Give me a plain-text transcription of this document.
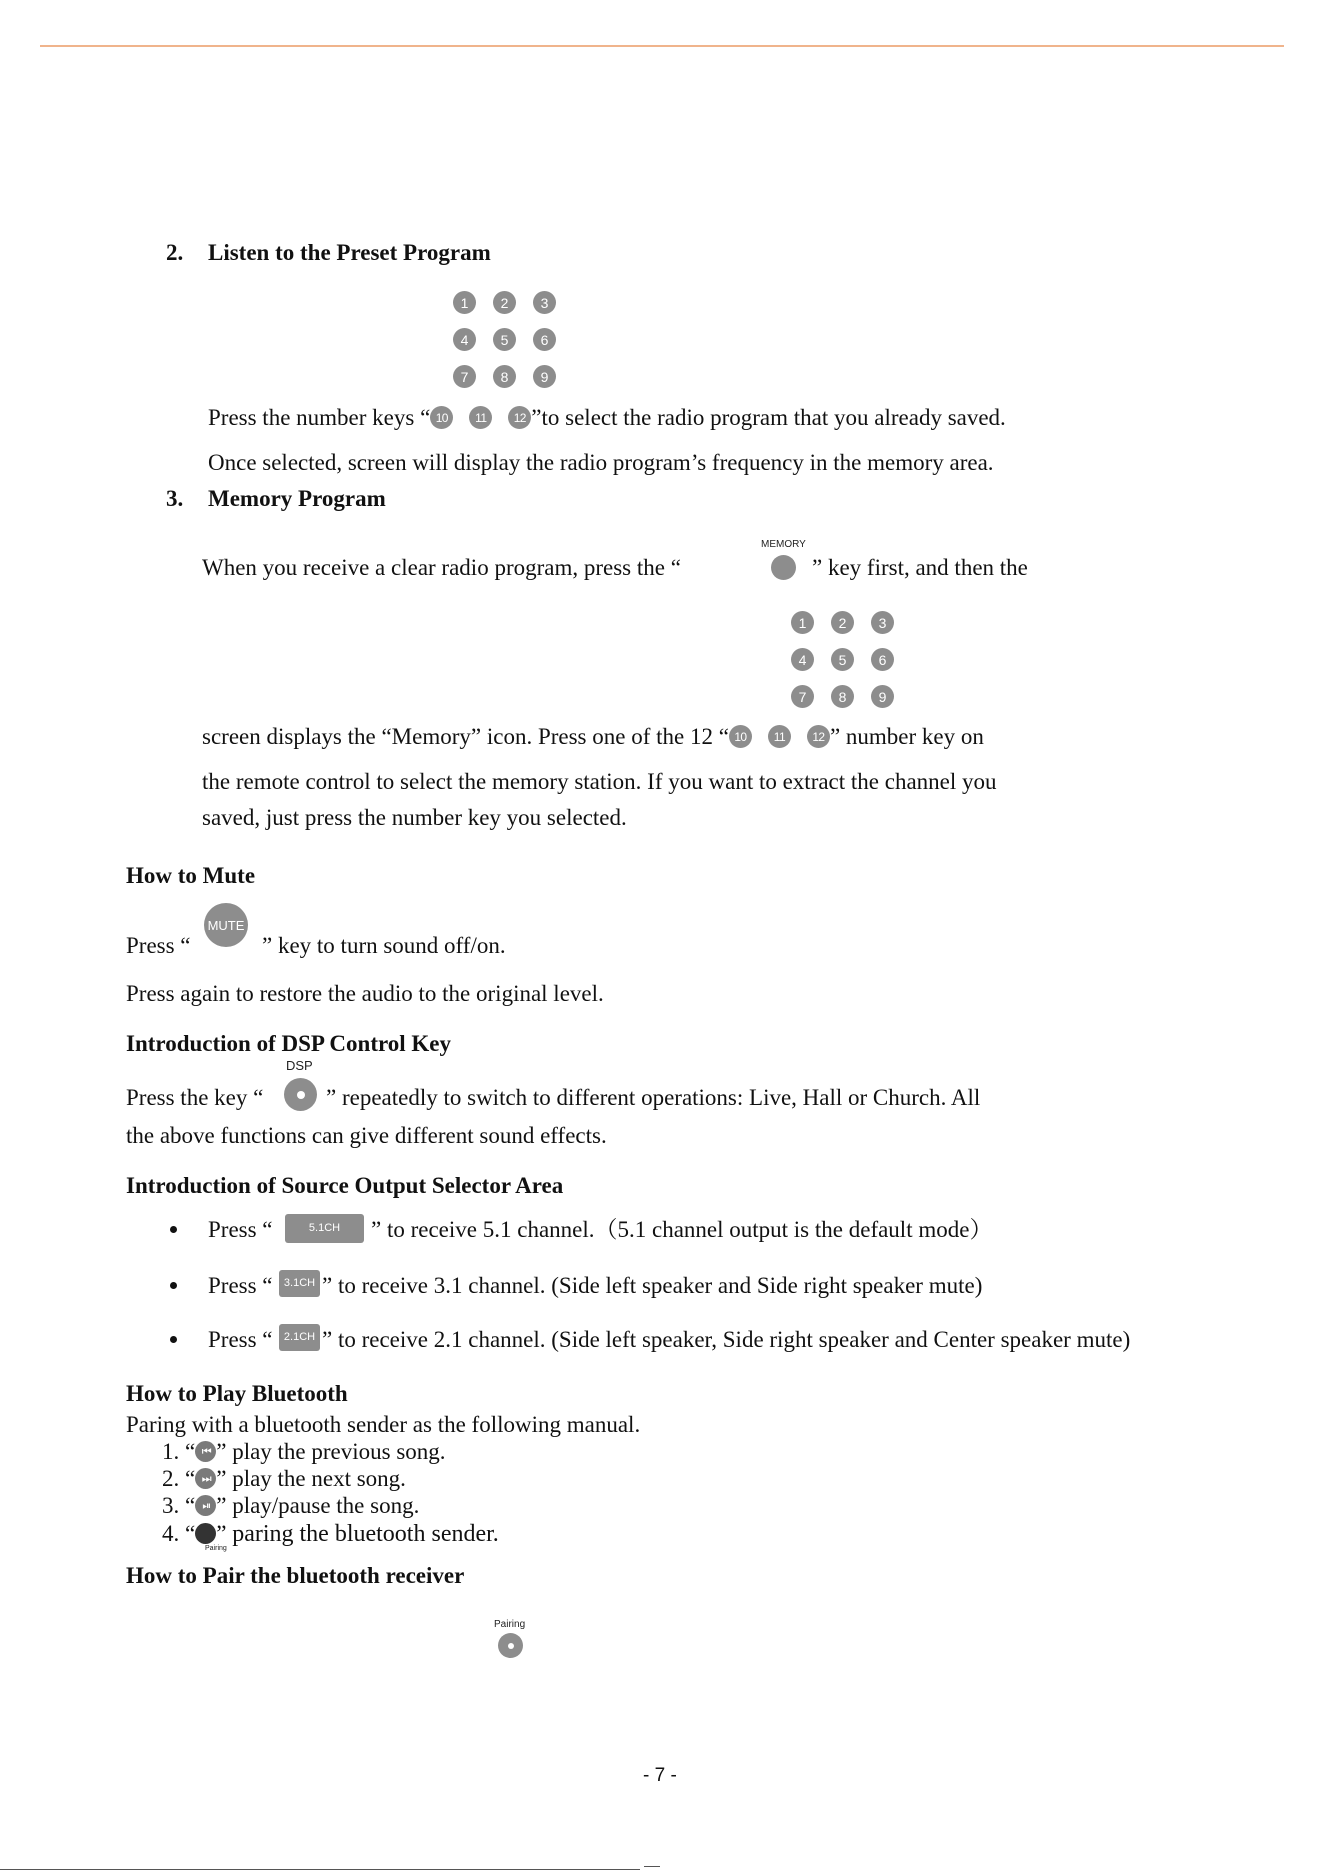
2. Listen to the Preset Program
1	2	3
4	5	6
7	8	9
Press the number keys “ 10 11 12 ”to select the radio program that you already saved.
Once selected, screen will display the radio program’s frequency in the memory area.
3. Memory Program
MEMORY
When you receive a clear radio program, press the “	” key first, and then the
1	2	3
4	5	6
7	8	9
screen displays the “Memory” icon. Press one of the 12 “ 10 11 12 ” number key on
the remote control to select the memory station. If you want to extract the channel you
saved, just press the number key you selected.
How to Mute
Press “
MUTE
” key to turn sound off/on.
Press again to restore the audio to the original level.
Introduction of DSP Control Key
DSP
Press the key “	” repeatedly to switch to different operations: Live, Hall or Church. All
the above functions can give different sound effects.
Introduction of Source Output Selector Area
Press “	5.1CH	” to receive 5.1 channel.（5.1 channel output is the default mode）
Press “	3.1CH ” to receive 3.1 channel. (Side left speaker and Side right speaker mute)
Press “	2.1CH ” to receive 2.1 channel. (Side left speaker, Side right speaker and Center speaker mute)
How to Play Bluetooth
Paring with a bluetooth sender as the following manual.
1. “ ⏮ ” play the previous song.
2. “ ⏭ ” play the next song.
3. “ ⏯ ” play/pause the song.
4. “ ” paring the bluetooth sender.
Pairing
How to Pair the bluetooth receiver
Pairing
- 7 -
